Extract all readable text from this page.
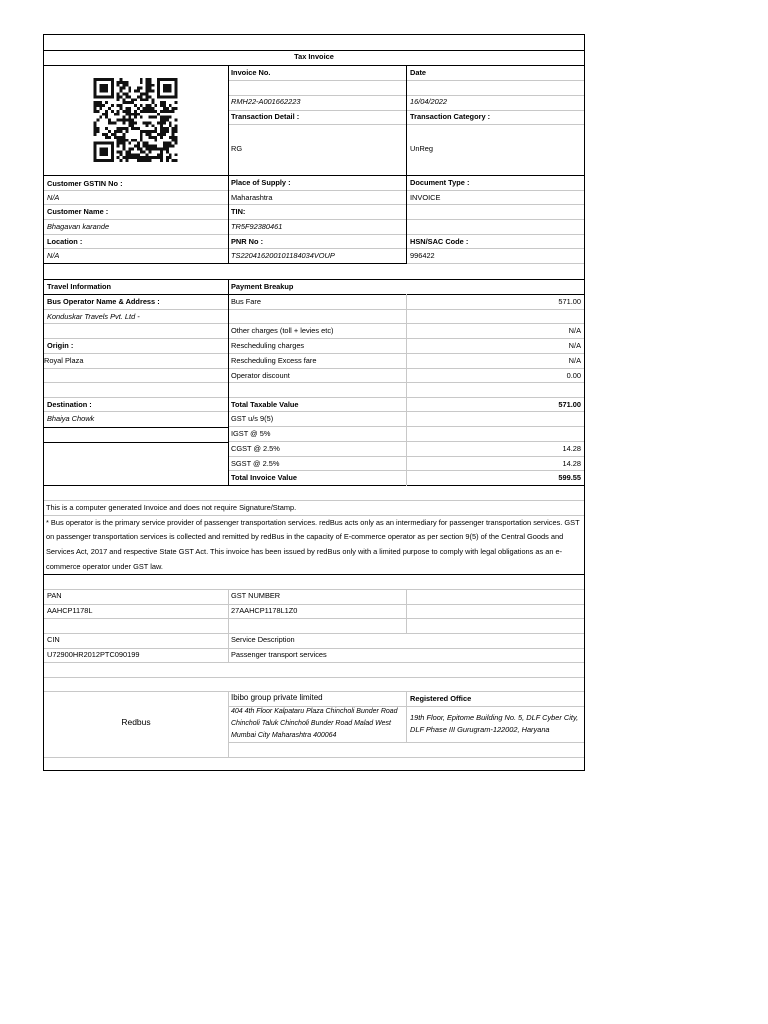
Tax Invoice
Invoice No.	Date
RMH22-A001662223	16/04/2022
Transaction Detail :	Transaction Category :
RG	UnReg
Customer GSTIN No :	Place of Supply :	Document Type :
N/A	Maharashtra	INVOICE
Customer Name :	TIN:
Bhagavan karande	TR5F92380461
Location :	PNR No :	HSN/SAC Code :
N/A	TS220416200101184034VOUP	996422
Travel Information
Bus Operator Name & Address :
Konduskar Travels Pvt. Ltd -
Origin :
Royal Plaza
Destination :
Bhaiya Chowk
Payment Breakup
Bus Fare	571.00
Other charges (toll + levies etc)	N/A
Rescheduling charges	N/A
Rescheduling Excess fare	N/A
Operator discount	0.00
Total Taxable Value	571.00
GST u/s 9(5)
IGST @ 5%
CGST @ 2.5%	14.28
SGST @ 2.5%	14.28
Total Invoice Value	599.55
This is a computer generated Invoice and does not require Signature/Stamp.
* Bus operator is the primary service provider of passenger transportation services. redBus acts only as an intermediary for passenger transportation services. GST on passenger transportation services is collected and remitted by redBus in the capacity of E-commerce operator as per section 9(5) of the Central Goods and Services Act, 2017 and respective State GST Act. This invoice has been issued by redBus only with a limited purpose to comply with legal obligations as an e-commerce operator under GST law.
PAN	GST NUMBER
AAHCP1178L	27AAHCP1178L1Z0
CIN	Service Description
U72900HR2012PTC090199	Passenger transport services
Redbus
Ibibo group private limited
404 4th Floor Kalpataru Plaza Chincholi Bunder Road Chincholi Taluk Chincholi Bunder Road Malad West Mumbai City Maharashtra 400064
Registered Office
19th Floor, Epitome Building No. 5, DLF Cyber City, DLF Phase III Gurugram-122002, Haryana
